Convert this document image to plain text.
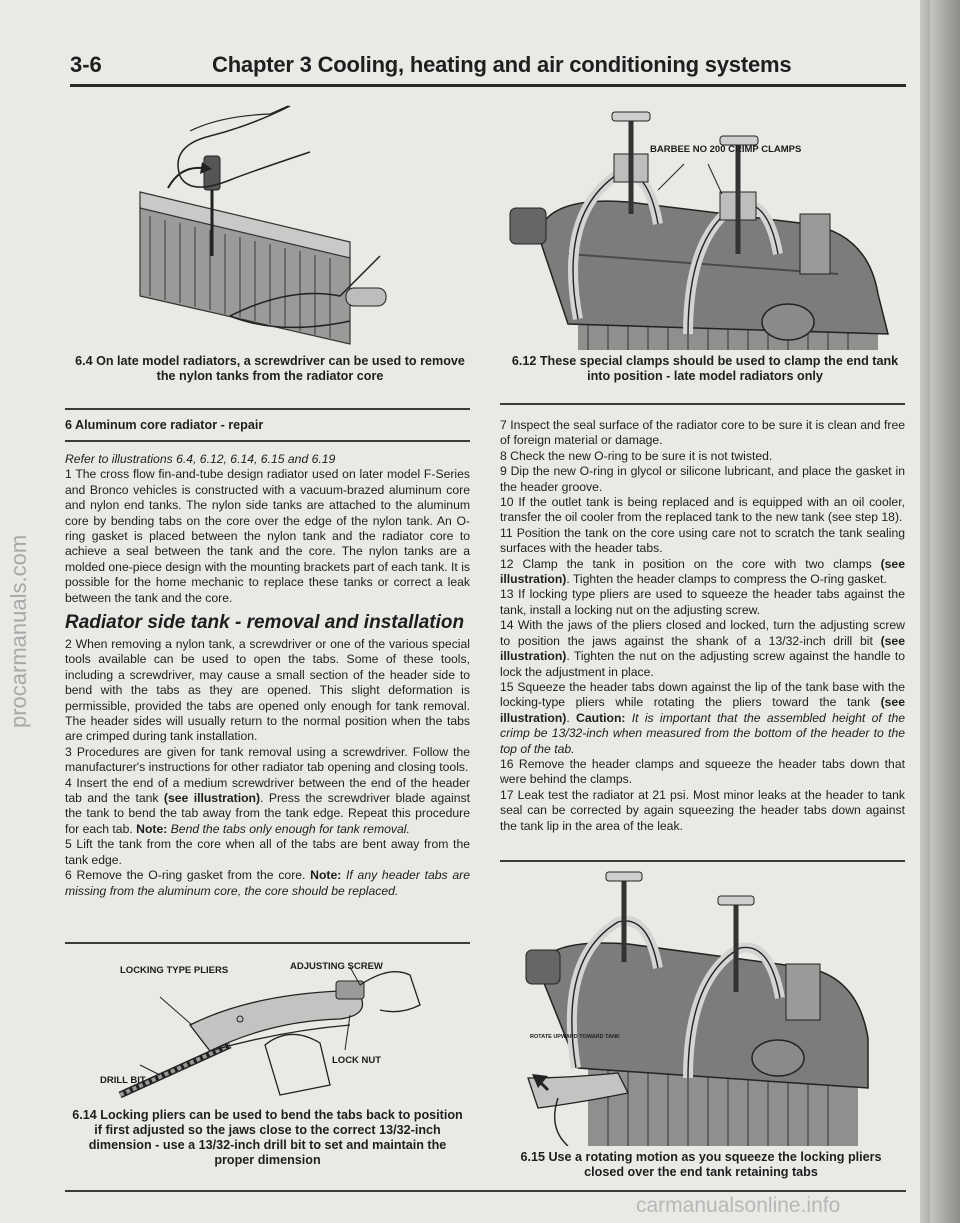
3-6	Chapter 3 Cooling, heating and air conditioning systems
procarmanuals.com
carmanualsonline.info
6.4 On late model radiators, a screwdriver can be used to remove the nylon tanks from the radiator core
BARBEE NO 200 CRIMP CLAMPS
6.12 These special clamps should be used to clamp the end tank into position - late model radiators only
6 Aluminum core radiator - repair

Refer to illustrations 6.4, 6.12, 6.14, 6.15 and 6.19

1 The cross flow fin-and-tube design radiator used on later model F-Series and Bronco vehicles is constructed with a vacuum-brazed aluminum core and nylon end tanks. The nylon side tanks are attached to the aluminum core by bending tabs on the core over the edge of the nylon tank. An O-ring gasket is placed between the nylon tank and the radiator core to achieve a seal between the tank and the core. The nylon tanks are a molded one-piece design with the mounting brackets part of each tank. It is possible for the home mechanic to replace these tanks or correct a leak between the tank and the core.

Radiator side tank - removal and installation

2 When removing a nylon tank, a screwdriver or one of the various special tools available can be used to open the tabs. Some of these tools, including a screwdriver, may cause a small section of the header side to bend with the tabs as they are opened. This slight deformation is permissible, provided the tabs are opened only enough for tank removal. The header sides will usually return to the normal position when the tabs are crimped during tank installation.

3 Procedures are given for tank removal using a screwdriver. Follow the manufacturer's instructions for other radiator tab opening and closing tools.

4 Insert the end of a medium screwdriver between the end of the header tab and the tank (see illustration). Press the screwdriver blade against the tank to bend the tab away from the tank edge. Repeat this procedure for each tab. Note: Bend the tabs only enough for tank removal.

5 Lift the tank from the core when all of the tabs are bent away from the tank edge.

6 Remove the O-ring gasket from the core. Note: If any header tabs are missing from the aluminum core, the core should be replaced.

LOCKING TYPE PLIERS	ADJUSTING SCREW
LOCK NUT
DRILL BIT
6.14 Locking pliers can be used to bend the tabs back to position if first adjusted so the jaws close to the correct 13/32-inch dimension - use a 13/32-inch drill bit to set and maintain the proper dimension

7 Inspect the seal surface of the radiator core to be sure it is clean and free of foreign material or damage.

8 Check the new O-ring to be sure it is not twisted.

9 Dip the new O-ring in glycol or silicone lubricant, and place the gasket in the header groove.

10 If the outlet tank is being replaced and is equipped with an oil cooler, transfer the oil cooler from the replaced tank to the new tank (see step 18).

11 Position the tank on the core using care not to scratch the tank sealing surfaces with the header tabs.

12 Clamp the tank in position on the core with two clamps (see illustration). Tighten the header clamps to compress the O-ring gasket.

13 If locking type pliers are used to squeeze the header tabs against the tank, install a locking nut on the adjusting screw.

14 With the jaws of the pliers closed and locked, turn the adjusting screw to position the jaws against the shank of a 13/32-inch drill bit (see illustration). Tighten the nut on the adjusting screw against the handle to lock the adjustment in place.

15 Squeeze the header tabs down against the lip of the tank base with the locking-type pliers while rotating the pliers toward the tank (see illustration). Caution: It is important that the assembled height of the crimp be 13/32-inch when measured from the bottom of the header to the top of the tab.

16 Remove the header clamps and squeeze the header tabs down that were behind the clamps.

17 Leak test the radiator at 21 psi. Most minor leaks at the header to tank seal can be corrected by again squeezing the header tabs down against the tank lip in the area of the leak.

ROTATE UPWARD TOWARD TANK
6.15 Use a rotating motion as you squeeze the locking pliers closed over the end tank retaining tabs
